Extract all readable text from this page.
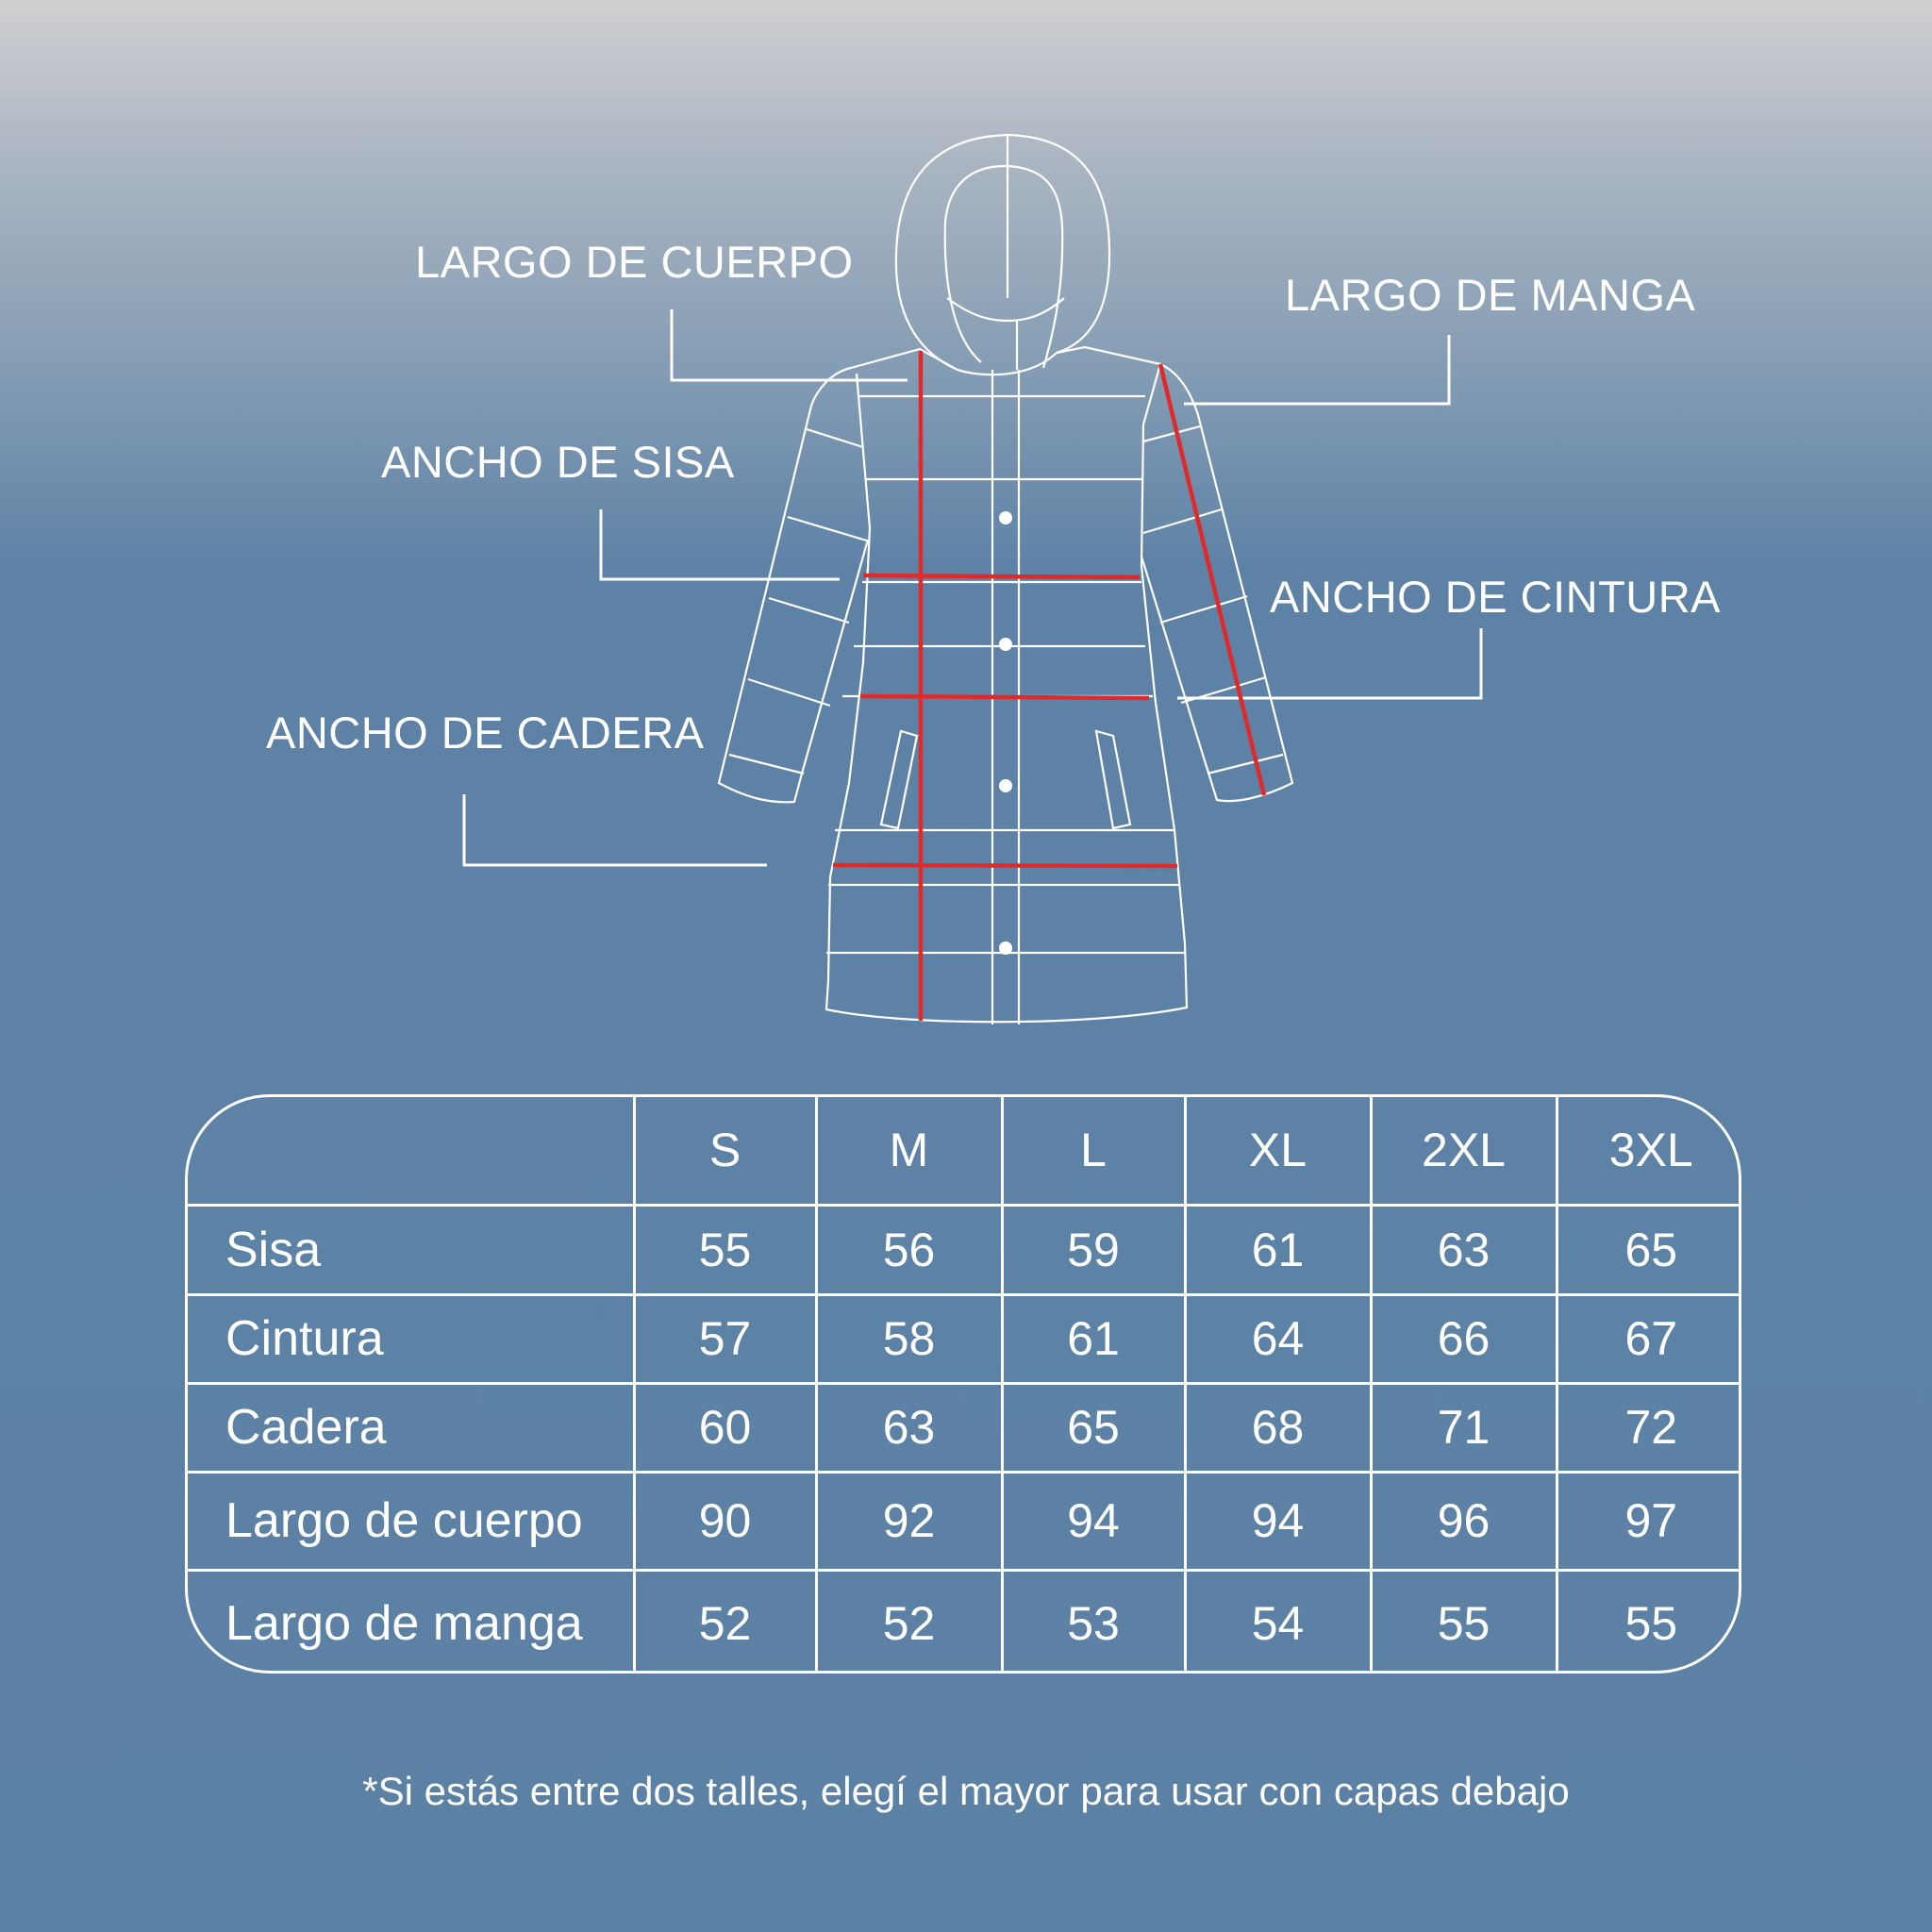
LARGO DE CUERPO
LARGO DE MANGA
ANCHO DE SISA
ANCHO DE CINTURA
ANCHO DE CADERA
	S	M	L	XL	2XL	3XL
Sisa	55	56	59	61	63	65
Cintura	57	58	61	64	66	67
Cadera	60	63	65	68	71	72
Largo de cuerpo	90	92	94	94	96	97
Largo de manga	52	52	53	54	55	55
*Si estás entre dos talles, elegí el mayor para usar con capas debajo
